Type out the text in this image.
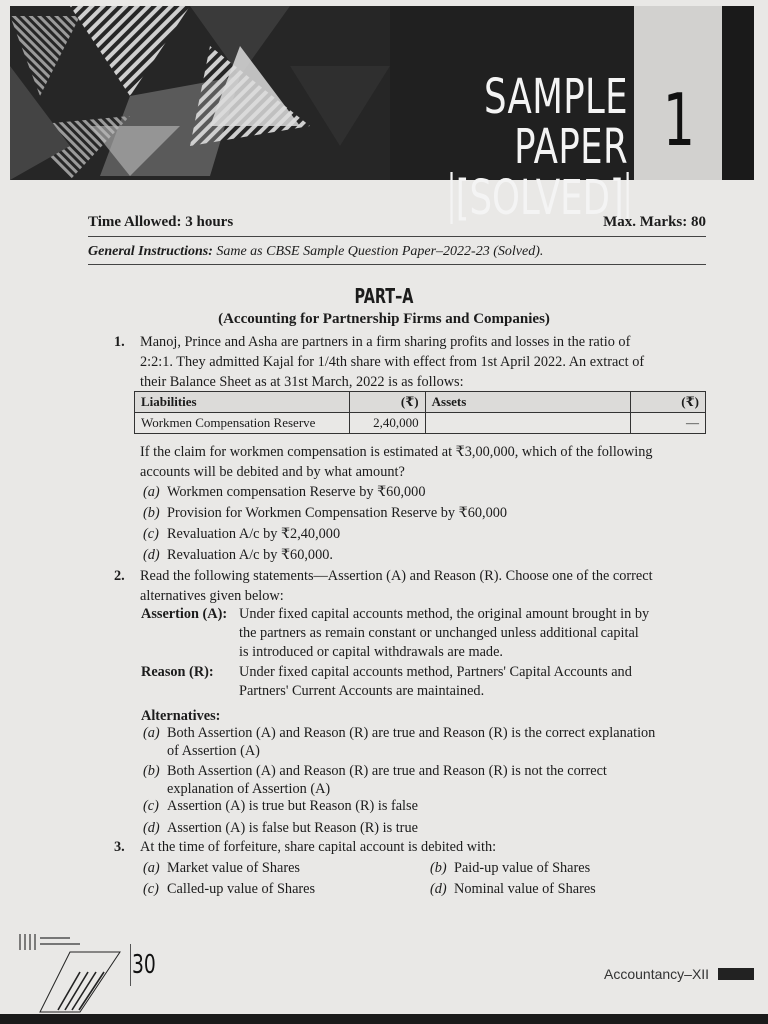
SAMPLE PAPER
[SOLVED]
1
Time Allowed: 3 hours	Max. Marks: 80
General Instructions: Same as CBSE Sample Question Paper–2022-23 (Solved).
PART–A
(Accounting for Partnership Firms and Companies)
1. Manoj, Prince and Asha are partners in a firm sharing profits and losses in the ratio of
2:2:1. They admitted Kajal for 1/4th share with effect from 1st April 2022. An extract of
their Balance Sheet as at 31st March, 2022 is as follows:
Liabilities	(₹)	Assets	(₹)
Workmen Compensation Reserve	2,40,000		—
If the claim for workmen compensation is estimated at ₹3,00,000, which of the following
accounts will be debited and by what amount?
(a) Workmen compensation Reserve by ₹60,000
(b) Provision for Workmen Compensation Reserve by ₹60,000
(c) Revaluation A/c by ₹2,40,000
(d) Revaluation A/c by ₹60,000.
2. Read the following statements—Assertion (A) and Reason (R). Choose one of the correct
alternatives given below:
Assertion (A): Under fixed capital accounts method, the original amount brought in by
the partners as remain constant or unchanged unless additional capital
is introduced or capital withdrawals are made.
Reason (R): Under fixed capital accounts method, Partners' Capital Accounts and
Partners' Current Accounts are maintained.
Alternatives:
(a) Both Assertion (A) and Reason (R) are true and Reason (R) is the correct explanation
of Assertion (A)
(b) Both Assertion (A) and Reason (R) are true and Reason (R) is not the correct
explanation of Assertion (A)
(c) Assertion (A) is true but Reason (R) is false
(d) Assertion (A) is false but Reason (R) is true
3. At the time of forfeiture, share capital account is debited with:
(a) Market value of Shares	(b) Paid-up value of Shares
(c) Called-up value of Shares	(d) Nominal value of Shares
30	Accountancy–XII
